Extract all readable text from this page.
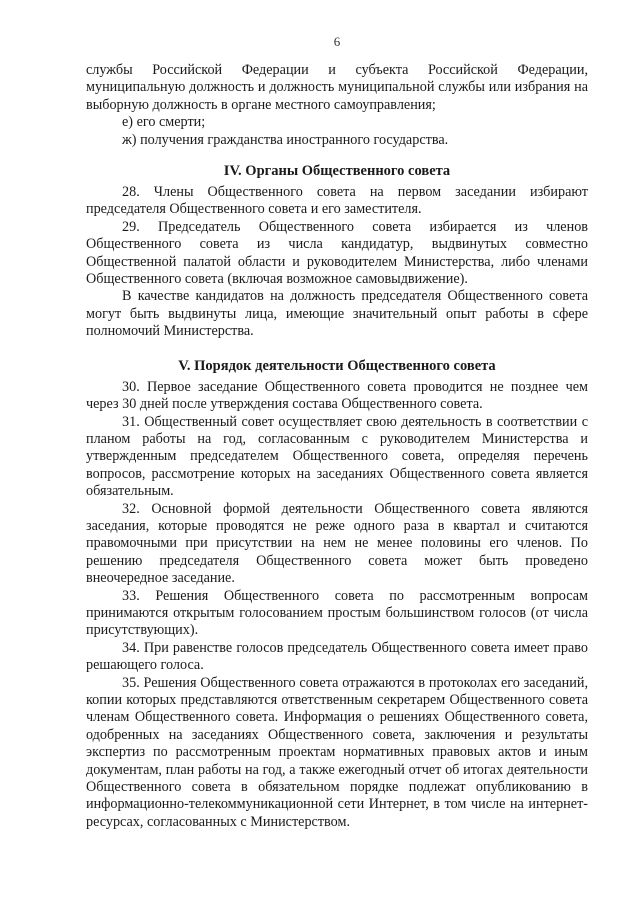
6

службы Российской Федерации и субъекта Российской Федерации, муниципальную должность и должность муниципальной службы или избрания на выборную должность в органе местного самоуправления;

е) его смерти;

ж) получения гражданства иностранного государства.

IV. Органы Общественного совета

28. Члены Общественного совета на первом заседании избирают председателя Общественного совета и его заместителя.

29. Председатель Общественного совета избирается из членов Общественного совета из числа кандидатур, выдвинутых совместно Общественной палатой области и руководителем Министерства, либо членами Общественного совета (включая возможное самовыдвижение).

В качестве кандидатов на должность председателя Общественного совета могут быть выдвинуты лица, имеющие значительный опыт работы в сфере полномочий Министерства.

V. Порядок деятельности Общественного совета

30. Первое заседание Общественного совета проводится не позднее чем через 30 дней после утверждения состава Общественного совета.

31. Общественный совет осуществляет свою деятельность в соответствии с планом работы на год, согласованным с руководителем Министерства и утвержденным председателем Общественного совета, определяя перечень вопросов, рассмотрение которых на заседаниях Общественного совета является обязательным.

32. Основной формой деятельности Общественного совета являются заседания, которые проводятся не реже одного раза в квартал и считаются правомочными при присутствии на нем не менее половины его членов. По решению председателя Общественного совета может быть проведено внеочередное заседание.

33. Решения Общественного совета по рассмотренным вопросам принимаются открытым голосованием простым большинством голосов (от числа присутствующих).

34. При равенстве голосов председатель Общественного совета имеет право решающего голоса.

35. Решения Общественного совета отражаются в протоколах его заседаний, копии которых представляются ответственным секретарем Общественного совета членам Общественного совета. Информация о решениях Общественного совета, одобренных на заседаниях Общественного совета, заключения и результаты экспертиз по рассмотренным проектам нормативных правовых актов и иным документам, план работы на год, а также ежегодный отчет об итогах деятельности Общественного совета в обязательном порядке подлежат опубликованию в информационно-телекоммуникационной сети Интернет, в том числе на интернет-ресурсах, согласованных с Министерством.
